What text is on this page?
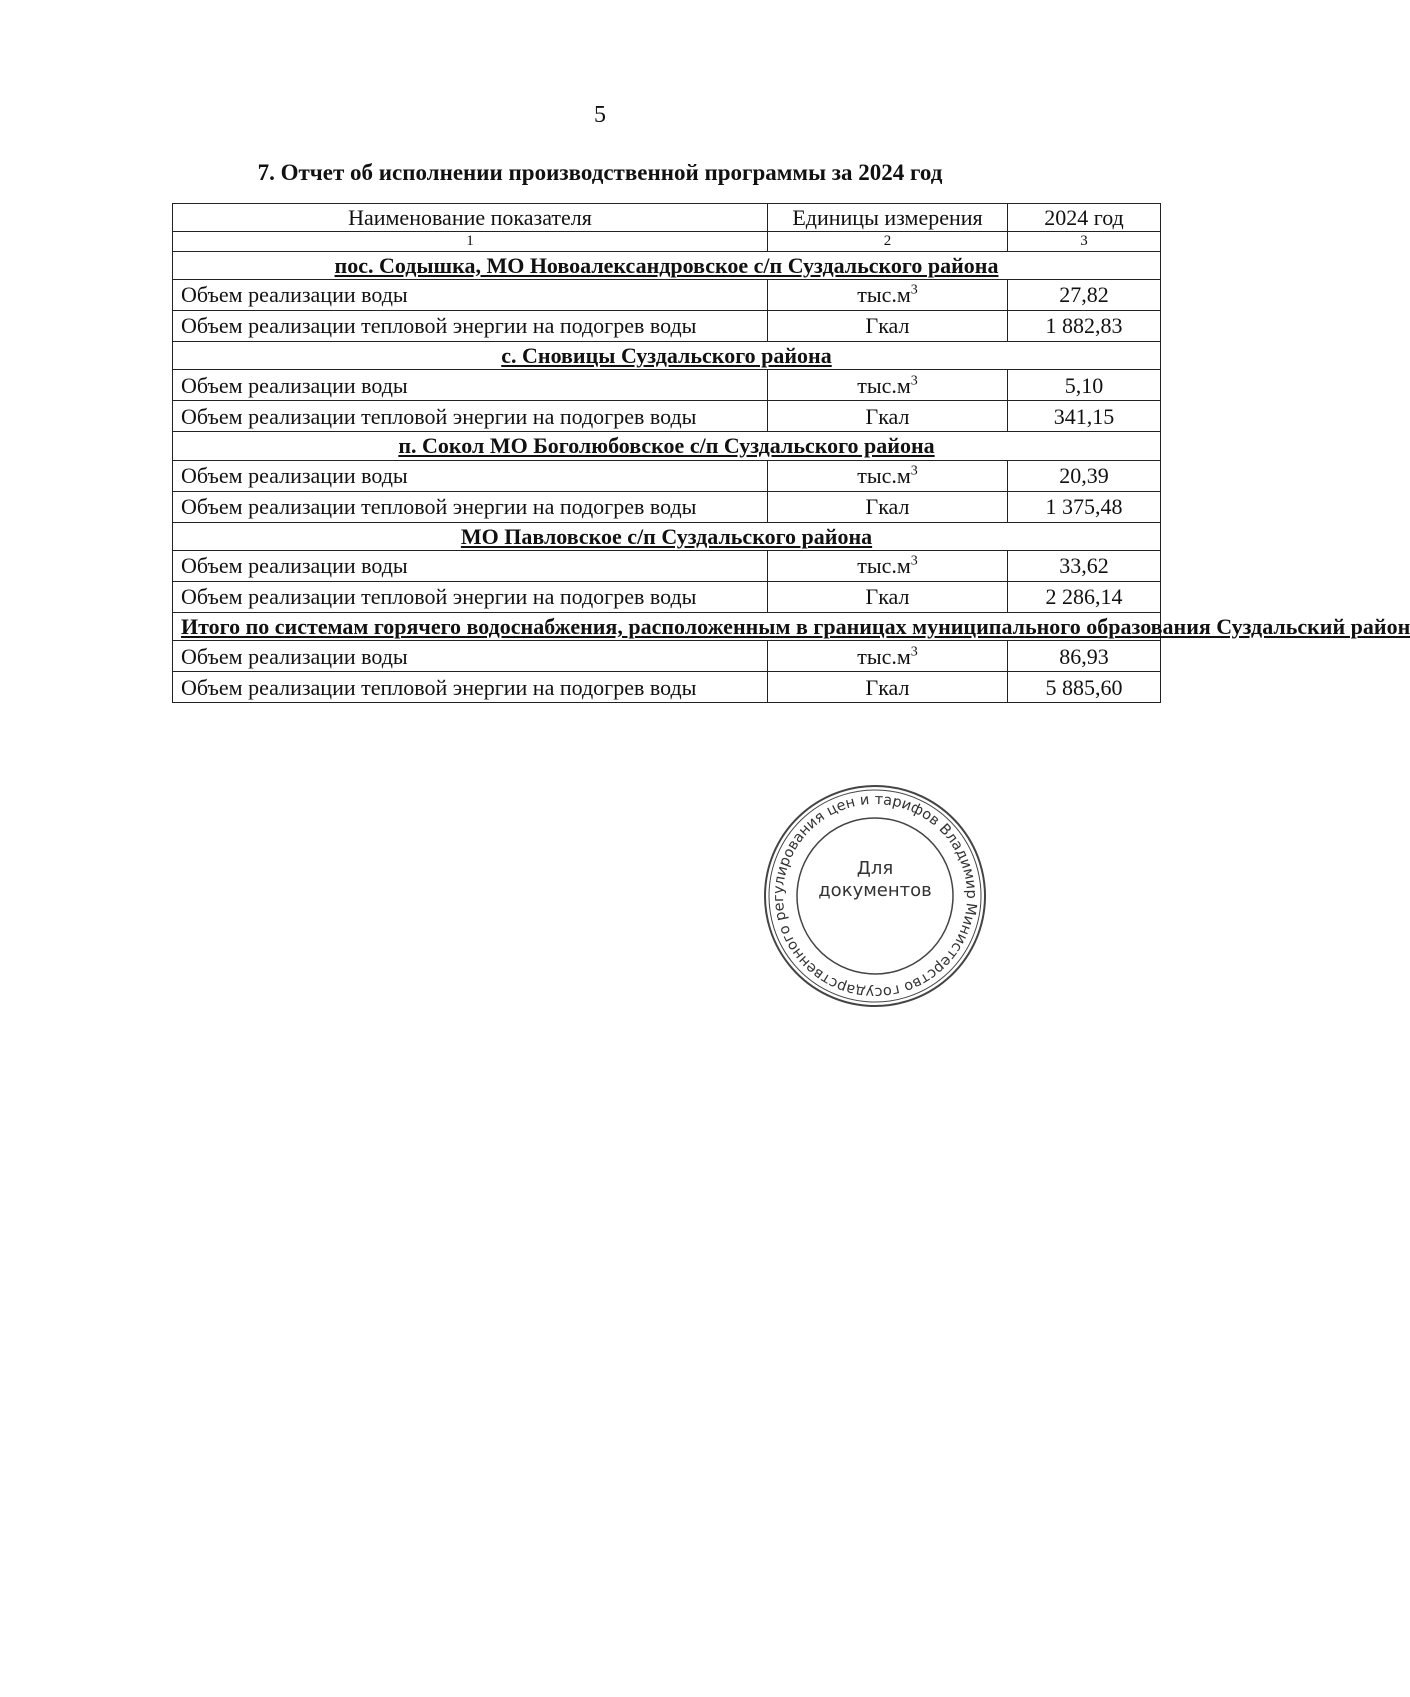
5
7. Отчет об исполнении производственной программы за 2024 год
Наименование показателя	Единицы измерения	2024 год
1	2	3
пос. Содышка, МО Новоалександровское с/п Суздальского района		
Объем реализации воды	$тыс.м^3$	27,82
Объем реализации тепловой энергии на подогрев воды	Гкал	1 882,83
с. Сновицы Суздальского района		
Объем реализации воды	$тыс.м^3$	5,10
Объем реализации тепловой энергии на подогрев воды	Гкал	341,15
п. Сокол МО Боголюбовское с/п Суздальского района		
Объем реализации воды	$тыс.м^3$	20,39
Объем реализации тепловой энергии на подогрев воды	Гкал	1 375,48
МО Павловское с/п Суздальского района		
Объем реализации воды	$тыс.м^3$	33,62
Объем реализации тепловой энергии на подогрев воды	Гкал	2 286,14
Итого по системам горячего водоснабжения, расположенным в границах муниципального образования Суздальский район		
Объем реализации воды	$тыс.м^3$	86,93
Объем реализации тепловой энергии на подогрев воды	Гкал	5 885,60
Министерство государственного регулирования цен и тарифов Владимирской
Для
документов
